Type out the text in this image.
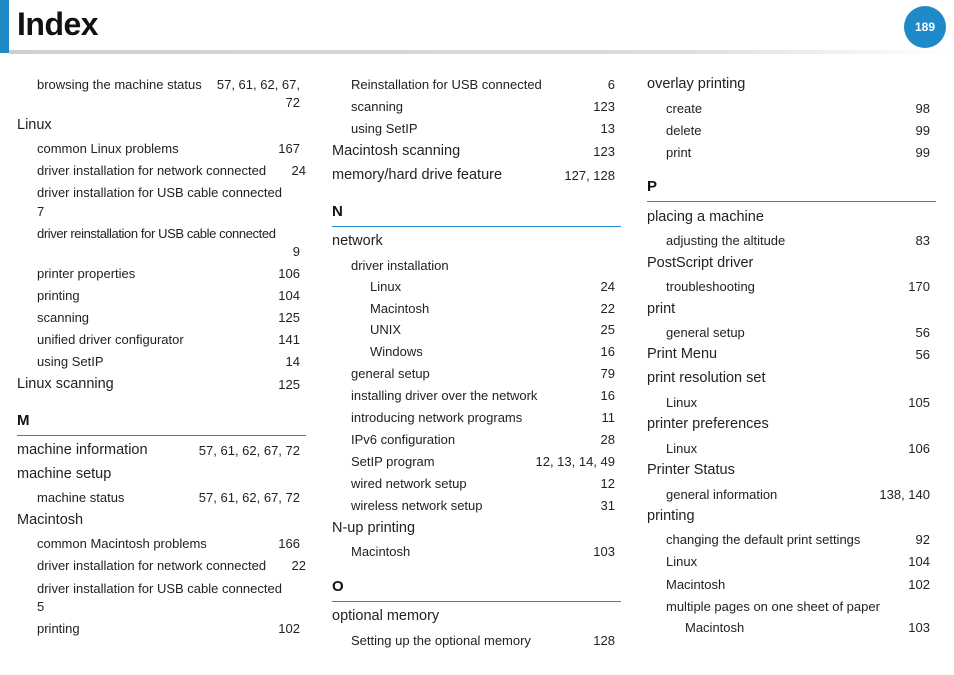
Index	189
browsing the machine status 57, 61, 62, 67,
72
Linux
common Linux problems	167
driver installation for network connected 24
driver installation for USB cable connected
7
driver reinstallation for USB cable connected
9
printer properties	106
printing	104
scanning	125
unified driver configurator	141
using SetIP	14
Linux scanning	125
M
machine information	57, 61, 62, 67, 72
machine setup
machine status	57, 61, 62, 67, 72
Macintosh
common Macintosh problems	166
driver installation for network connected 22
driver installation for USB cable connected
5
printing	102
Reinstallation for USB connected	6
scanning	123
using SetIP	13
Macintosh scanning	123
memory/hard drive feature	127, 128
N
network
driver installation
Linux	24
Macintosh	22
UNIX	25
Windows	16
general setup	79
installing driver over the network	16
introducing network programs	11
IPv6 configuration	28
SetIP program	12, 13, 14, 49
wired network setup	12
wireless network setup	31
N-up printing
Macintosh	103
O
optional memory
Setting up the optional memory	128
overlay printing
create	98
delete	99
print	99
P
placing a machine
adjusting the altitude	83
PostScript driver
troubleshooting	170
print
general setup	56
Print Menu	56
print resolution set
Linux	105
printer preferences
Linux	106
Printer Status
general information	138, 140
printing
changing the default print settings	92
Linux	104
Macintosh	102
multiple pages on one sheet of paper
Macintosh	103
